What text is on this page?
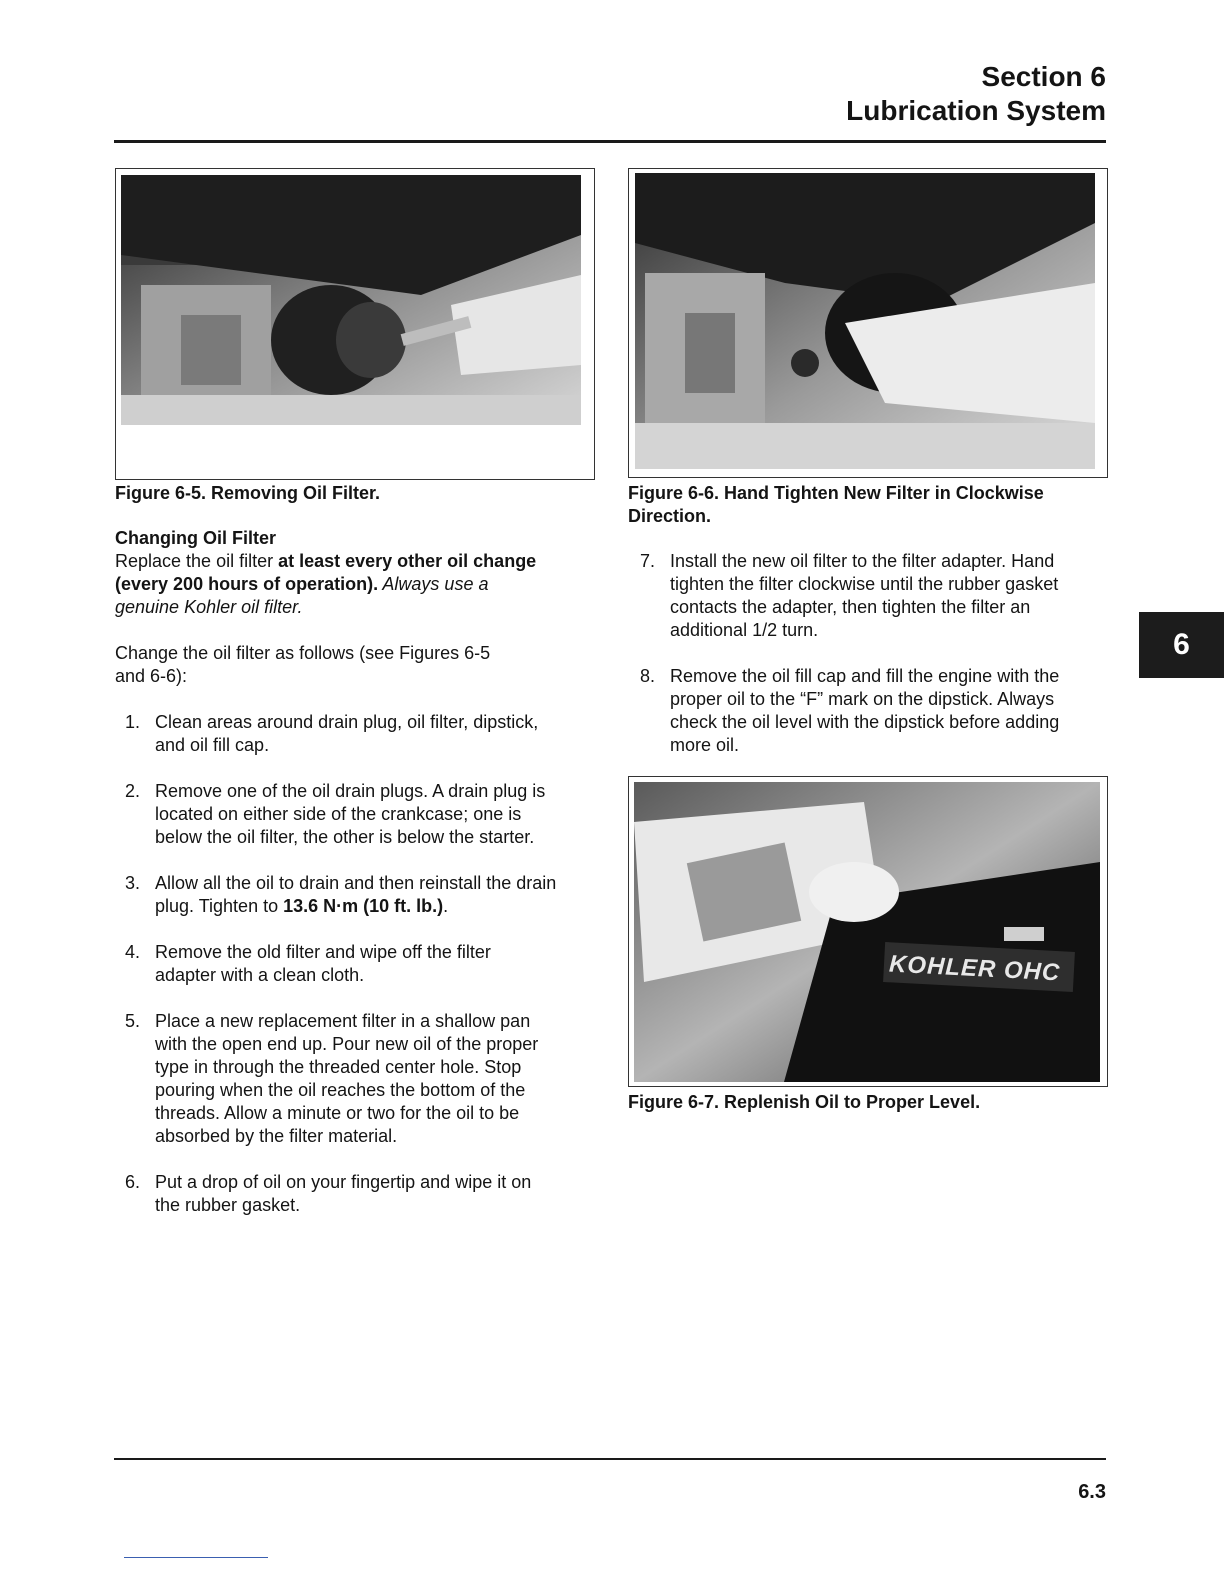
Section 6
Lubrication System
Figure 6-5. Removing Oil Filter.	Figure 6-6. Hand Tighten New Filter in Clockwise
Direction.
KOHLER OHC
Figure 6-7. Replenish Oil to Proper Level.
6

Changing Oil Filter

Replace the oil filter at least every other oil change
(every 200 hours of operation). Always use a
genuine Kohler oil filter.
Change the oil filter as follows (see Figures 6-5
and 6-6):
1. Clean areas around drain plug, oil filter, dipstick,
and oil fill cap.
2. Remove one of the oil drain plugs. A drain plug is
located on either side of the crankcase; one is
below the oil filter, the other is below the starter.
3. Allow all the oil to drain and then reinstall the drain
plug. Tighten to 13.6 N·m (10 ft. lb.).
4. Remove the old filter and wipe off the filter
adapter with a clean cloth.
5. Place a new replacement filter in a shallow pan
with the open end up. Pour new oil of the proper
type in through the threaded center hole. Stop
pouring when the oil reaches the bottom of the
threads. Allow a minute or two for the oil to be
absorbed by the filter material.
6. Put a drop of oil on your fingertip and wipe it on
the rubber gasket.
7. Install the new oil filter to the filter adapter. Hand
tighten the filter clockwise until the rubber gasket
contacts the adapter, then tighten the filter an
additional 1/2 turn.
8. Remove the oil fill cap and fill the engine with the
proper oil to the “F” mark on the dipstick. Always
check the oil level with the dipstick before adding
more oil.
6.3
